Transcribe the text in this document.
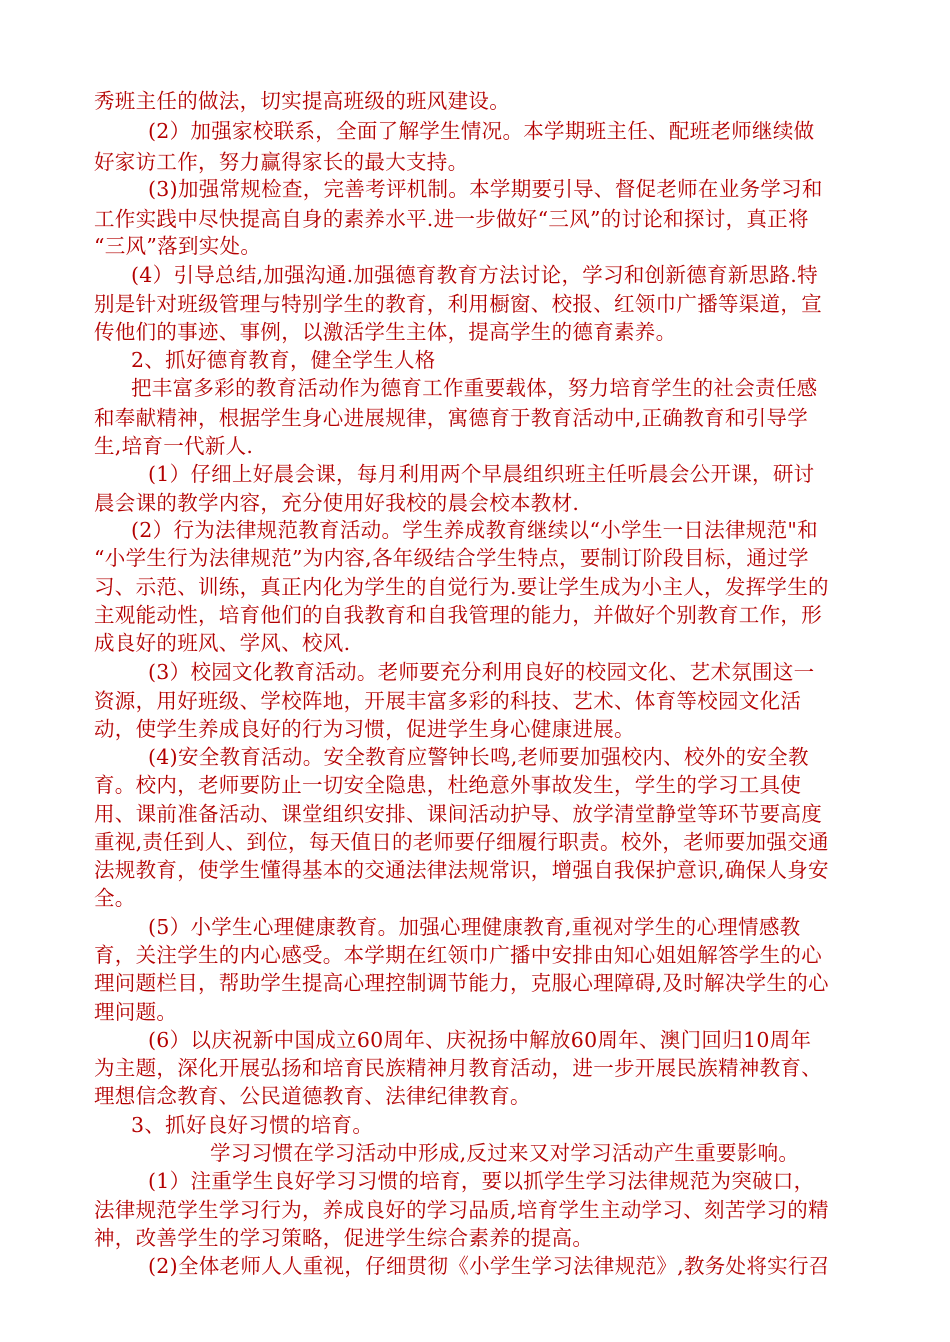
秀班主任的做法，切实提高班级的班风建设。
(2）加强家校联系，全面了解学生情况。本学期班主任、配班老师继续做
好家访工作，努力赢得家长的最大支持。
(3)加强常规检查，完善考评机制。本学期要引导、督促老师在业务学习和
工作实践中尽快提高自身的素养水平.进一步做好“三风”的讨论和探讨，真正将
“三风”落到实处。
(4）引导总结,加强沟通.加强德育教育方法讨论，学习和创新德育新思路.特
别是针对班级管理与特别学生的教育，利用橱窗、校报、红领巾广播等渠道，宣
传他们的事迹、事例，以激活学生主体，提高学生的德育素养。
2、抓好德育教育，健全学生人格
把丰富多彩的教育活动作为德育工作重要载体，努力培育学生的社会责任感
和奉献精神，根据学生身心进展规律，寓德育于教育活动中,正确教育和引导学
生,培育一代新人.
(1）仔细上好晨会课，每月利用两个早晨组织班主任听晨会公开课，研讨
晨会课的教学内容，充分使用好我校的晨会校本教材.
(2）行为法律规范教育活动。学生养成教育继续以“小学生一日法律规范"和
“小学生行为法律规范”为内容,各年级结合学生特点，要制订阶段目标，通过学
习、示范、训练，真正内化为学生的自觉行为.要让学生成为小主人，发挥学生的
主观能动性，培育他们的自我教育和自我管理的能力，并做好个别教育工作，形
成良好的班风、学风、校风.
(3）校园文化教育活动。老师要充分利用良好的校园文化、艺术氛围这一
资源，用好班级、学校阵地，开展丰富多彩的科技、艺术、体育等校园文化活
动，使学生养成良好的行为习惯，促进学生身心健康进展。
(4)安全教育活动。安全教育应警钟长鸣,老师要加强校内、校外的安全教
育。校内，老师要防止一切安全隐患，杜绝意外事故发生，学生的学习工具使
用、课前准备活动、课堂组织安排、课间活动护导、放学清堂静堂等环节要高度
重视,责任到人、到位，每天值日的老师要仔细履行职责。校外，老师要加强交通
法规教育，使学生懂得基本的交通法律法规常识，增强自我保护意识,确保人身安
全。
(5）小学生心理健康教育。加强心理健康教育,重视对学生的心理情感教
育，关注学生的内心感受。本学期在红领巾广播中安排由知心姐姐解答学生的心
理问题栏目，帮助学生提高心理控制调节能力，克服心理障碍,及时解决学生的心
理问题。
(6）以庆祝新中国成立60周年、庆祝扬中解放60周年、澳门回归10周年
为主题，深化开展弘扬和培育民族精神月教育活动，进一步开展民族精神教育、
理想信念教育、公民道德教育、法律纪律教育。
3、抓好良好习惯的培育。
学习习惯在学习活动中形成,反过来又对学习活动产生重要影响。
(1）注重学生良好学习习惯的培育，要以抓学生学习法律规范为突破口，
法律规范学生学习行为，养成良好的学习品质,培育学生主动学习、刻苦学习的精
神，改善学生的学习策略，促进学生综合素养的提高。
(2)全体老师人人重视，仔细贯彻《小学生学习法律规范》,教务处将实行召
